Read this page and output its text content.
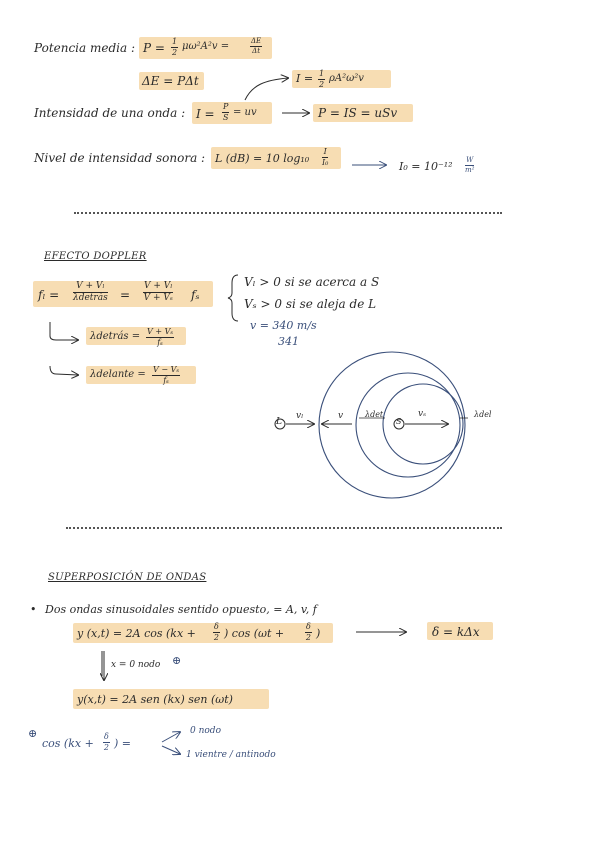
Potencia media : $P = \frac{1}{2} \mu\omega^2A^2v$ =	$\frac{\Delta E}{\Delta t}$
ΔE = PΔt	$I = \frac{1}{2} \rho A^2\omega^2v$
Intensidad de una onda : $I = \frac{P}{S}$ = uv	P = IS = uSv
Nivel de intensidad sonora : L (dB) = 10 $\log_{10} \frac{I}{\text{I₀}}$	$I_0 = 10^{-12} \frac{W}{\text{m²}}$
EFECTO DOPPLER
fₗ =
V + Vₗ
λdetrás = $\frac{\text{V + Vₗ}}{\text{V + Vₛ}}$ fₛ
Vₗ > 0 si se acerca a S
Vₛ > 0 si se aleja de L
v = 340 m/s
341
λdetrás = $\frac{\text{V + Vₛ}}{\text{fₛ}}$
λdelante = $\frac{\text{V − Vₛ}}{\text{fₛ}}$
L
vₗ	v	λdet
S
vₛ	λdel
SUPERPOSICIÓN DE ONDAS
• Dos ondas sinusoidales sentido opuesto, = A, v, f
y (x,t) = 2A $\cos (kx + \frac{\delta}{2}$ ) cos (ωt +	$\frac{\delta}{2}$ )	δ = kΔx
x = 0 nodo ⊕
y(x,t) = 2A sen (kx) sen (ωt)
⊕
$\cos (kx + \frac{\delta}{2}$ ) =
0 nodo
1 vientre / antinodo
